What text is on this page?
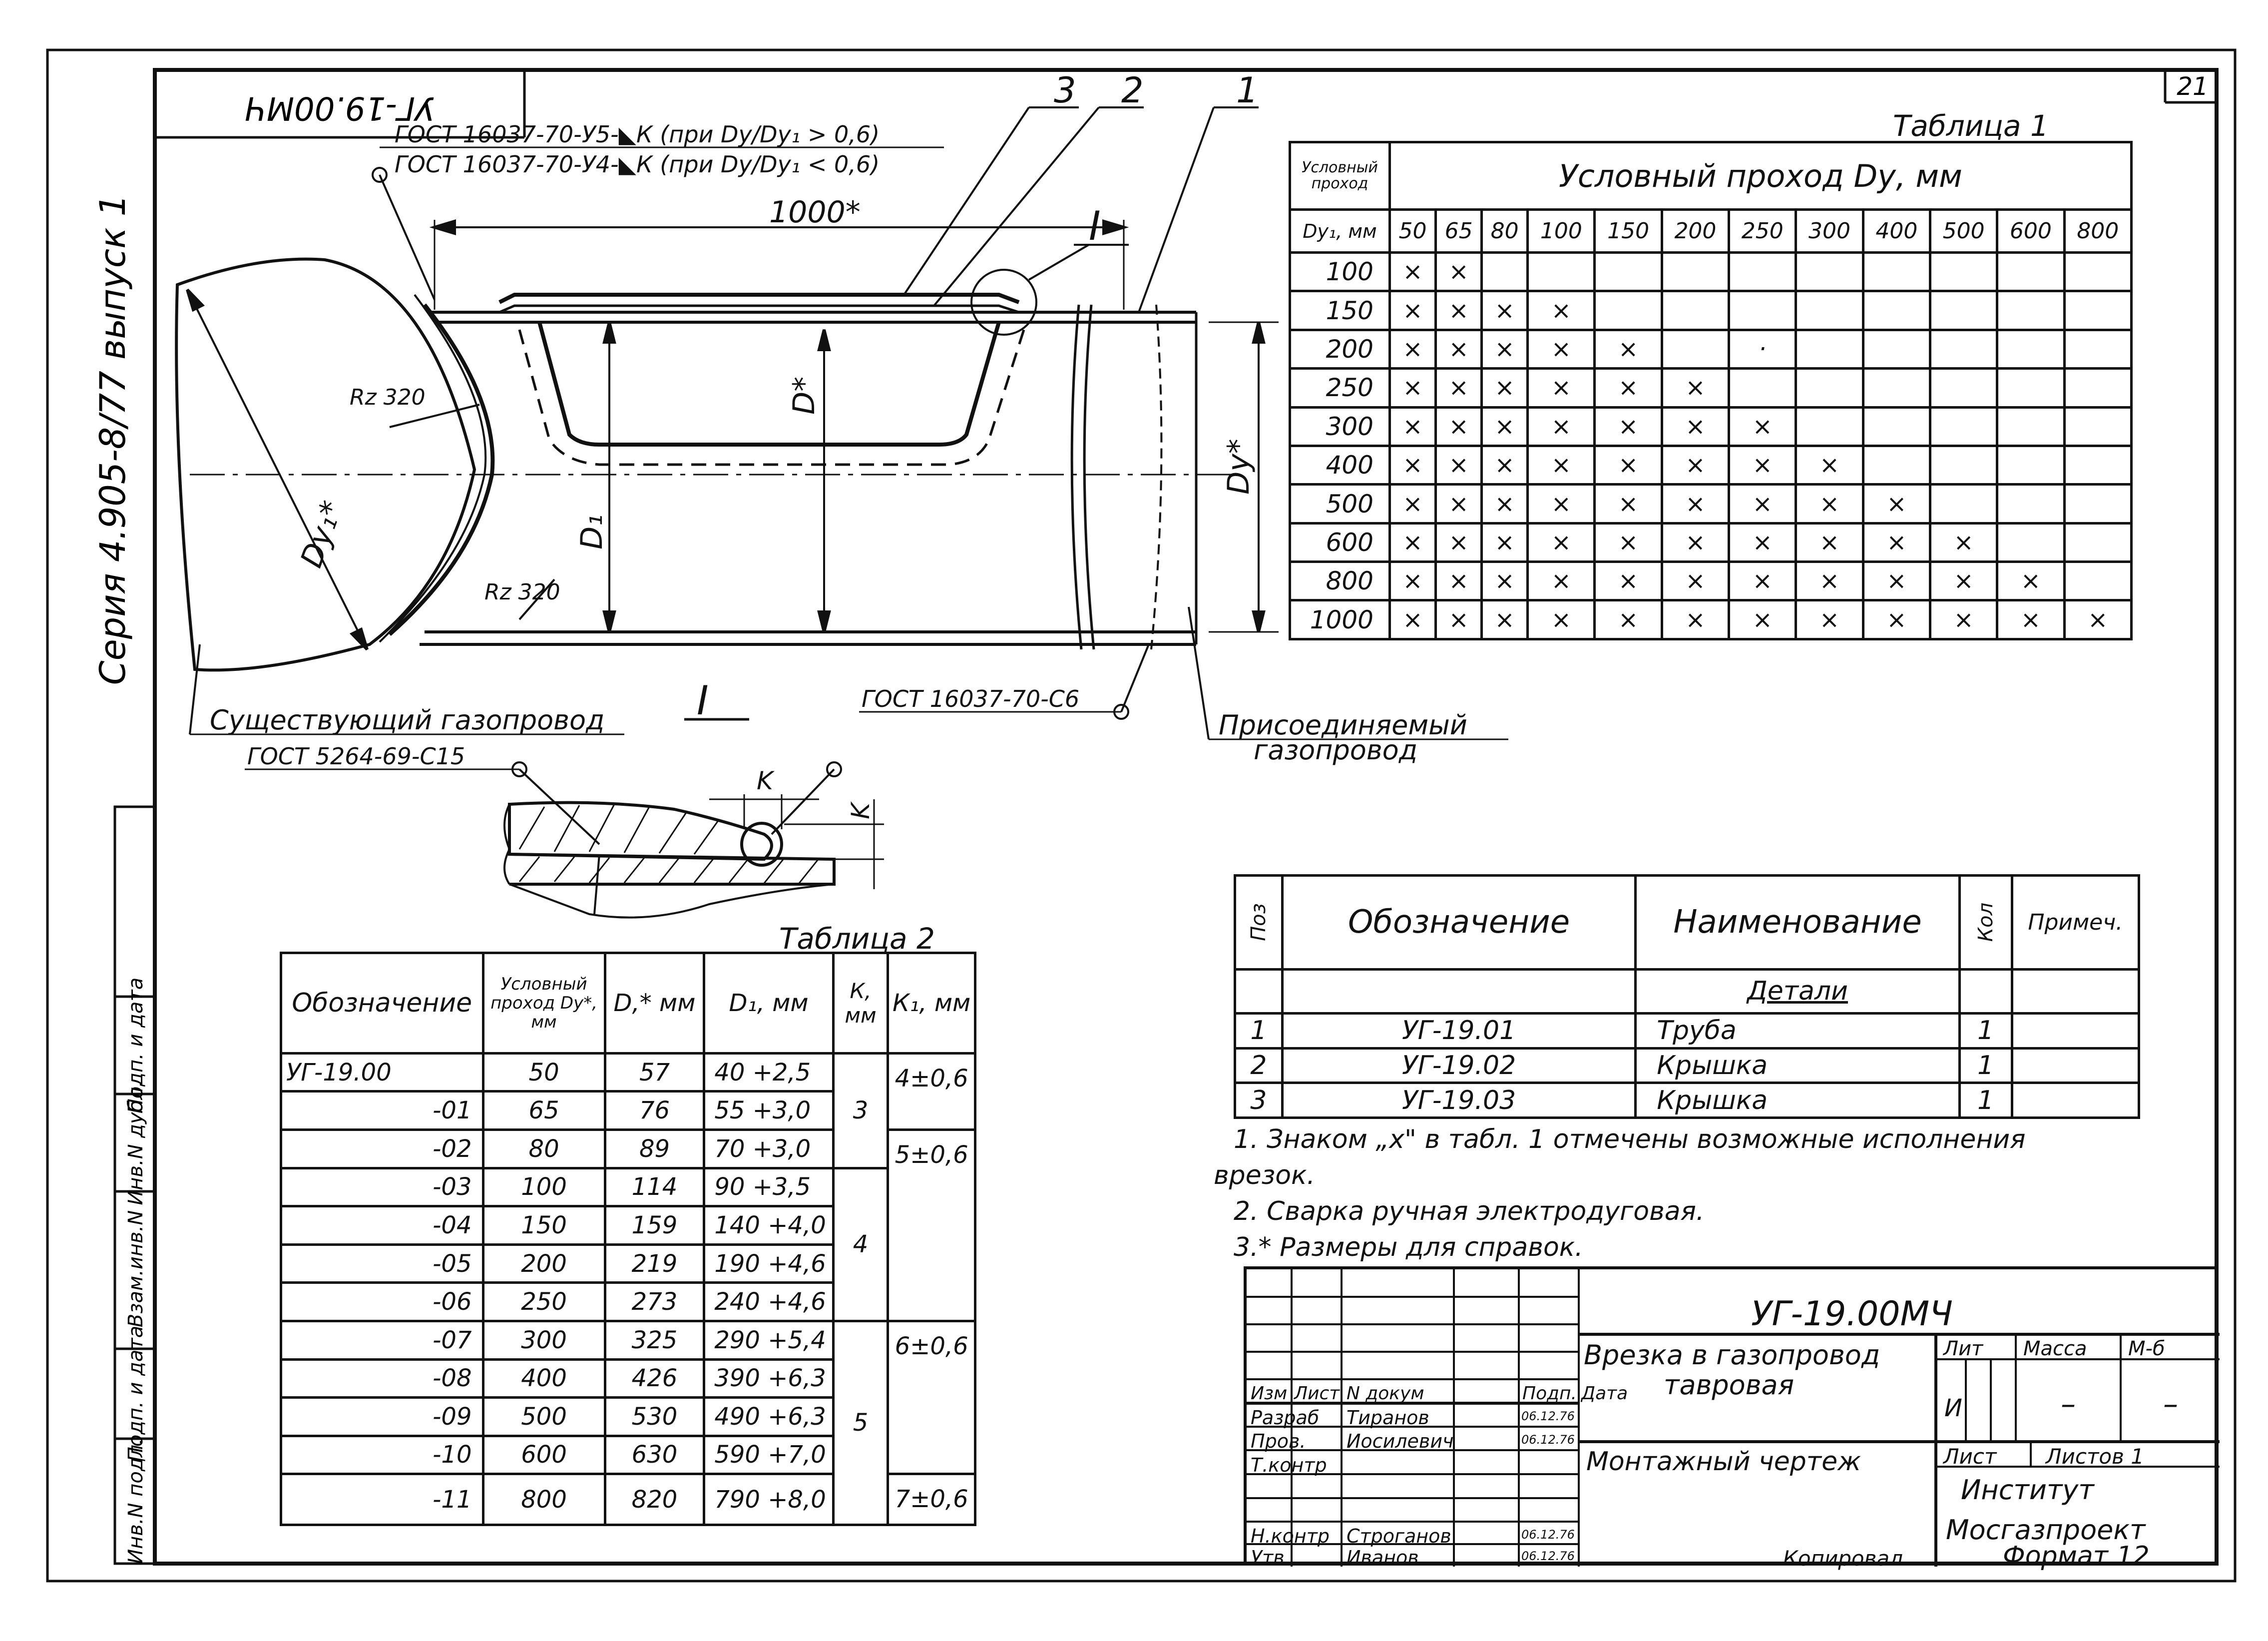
21
УГ-19.00МЧ
Серия 4.905-8/77 выпуск 1
Инв.N подл.
Подп. и дата
Взам.инв.N
Инв.N дубл.
Подп. и дата
ГОСТ 16037-70-У5-◣К (при Dу/Dу₁ > 0,6)
ГОСТ 16037-70-У4-◣К (при Dу/Dу₁ < 0,6)
3 2	1
1000*
D*
D₁
Dу*
Dу₁*
Rz 320
Rz 320
I
I
Существующий газопровод
ГОСТ 16037-70-С6
Присоединяемый
газопровод
ГОСТ 5264-69-С15
K
K
Таблица 1
Условный проход	Условный проход Dу, мм											
Dу₁, мм	50	65	80	100	150	200	250	300	400	500	600	800
100	×	×										
150	×	×	×	×								
200	×	×	×	×	×		·					
250	×	×	×	×	×	×						
300	×	×	×	×	×	×	×					
400	×	×	×	×	×	×	×	×				
500	×	×	×	×	×	×	×	×	×			
600	×	×	×	×	×	×	×	×	×	×		
800	×	×	×	×	×	×	×	×	×	×	×	
1000	×	×	×	×	×	×	×	×	×	×	×	×
Таблица 2
Обозначение	Условный проход Dу*, мм	D,* мм	D₁, мм	К, мм	К₁, мм
УГ-19.00	50	57	40 +2,5	3	4±0,6
-01	65	76	55 +3,0		
-02	80	89	70 +3,0		5±0,6
-03	100	114	90 +3,5	4	
-04	150	159	140 +4,0		
-05	200	219	190 +4,6		
-06	250	273	240 +4,6		
-07	300	325	290 +5,4	5	6±0,6
-08	400	426	390 +6,3		
-09	500	530	490 +6,3		
-10	600	630	590 +7,0		
-11	800	820	790 +8,0		7±0,6
Поз	Обозначение	Наименование	Кол	Примеч.
		Детали		
1	УГ-19.01	Труба	1	
2	УГ-19.02	Крышка	1	
3	УГ-19.03	Крышка	1	
1. Знаком „х" в табл. 1 отмечены возможные исполнения
врезок.
2. Сварка ручная электродуговая.
3.* Размеры для справок.
Изм Лист N докум	Подп. Дата
Разраб Тиранов	06.12.76
Пров. Иосилевич	06.12.76
Т.контр
Н.контр Строганов	06.12.76
Утв.	Иванов	06.12.76
УГ-19.00МЧ
Врезка в газопровод
тавровая
Монтажный чертеж
Лит Масса М-б
И	–	–
Лист Листов 1
Институт
Мосгазпроект
Копировал	Формат 12
